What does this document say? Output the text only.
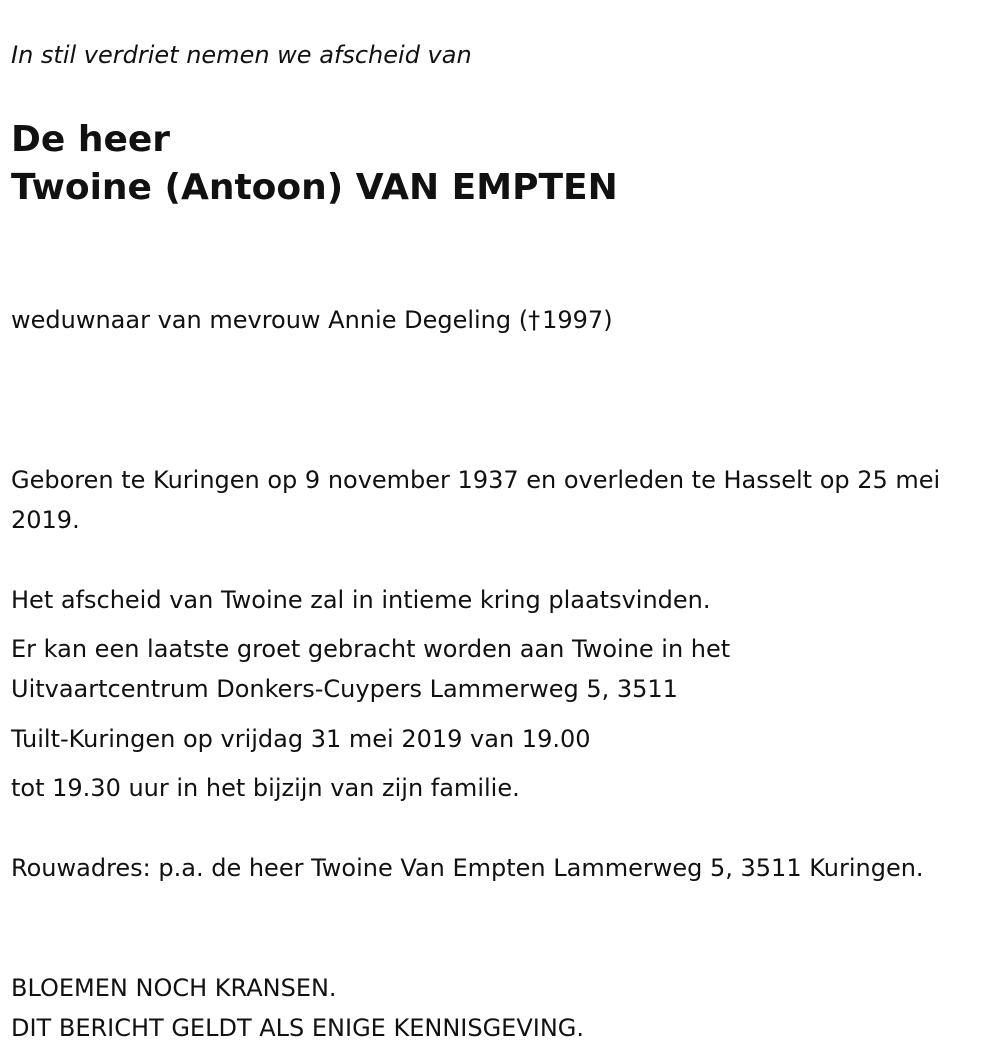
In stil verdriet nemen we afscheid van

De heer
Twoine (Antoon) VAN EMPTEN

weduwnaar van mevrouw Annie Degeling (†1997)

Geboren te Kuringen op 9 november 1937 en overleden te Hasselt op 25 mei 2019.

Het afscheid van Twoine zal in intieme kring plaatsvinden.

Er kan een laatste groet gebracht worden aan Twoine in het
Uitvaartcentrum Donkers-Cuypers Lammerweg 5, 3511

Tuilt-Kuringen op vrijdag 31 mei 2019 van 19.00

tot 19.30 uur in het bijzijn van zijn familie.

Rouwadres: p.a. de heer Twoine Van Empten Lammerweg 5, 3511 Kuringen.

BLOEMEN NOCH KRANSEN.
DIT BERICHT GELDT ALS ENIGE KENNISGEVING.
